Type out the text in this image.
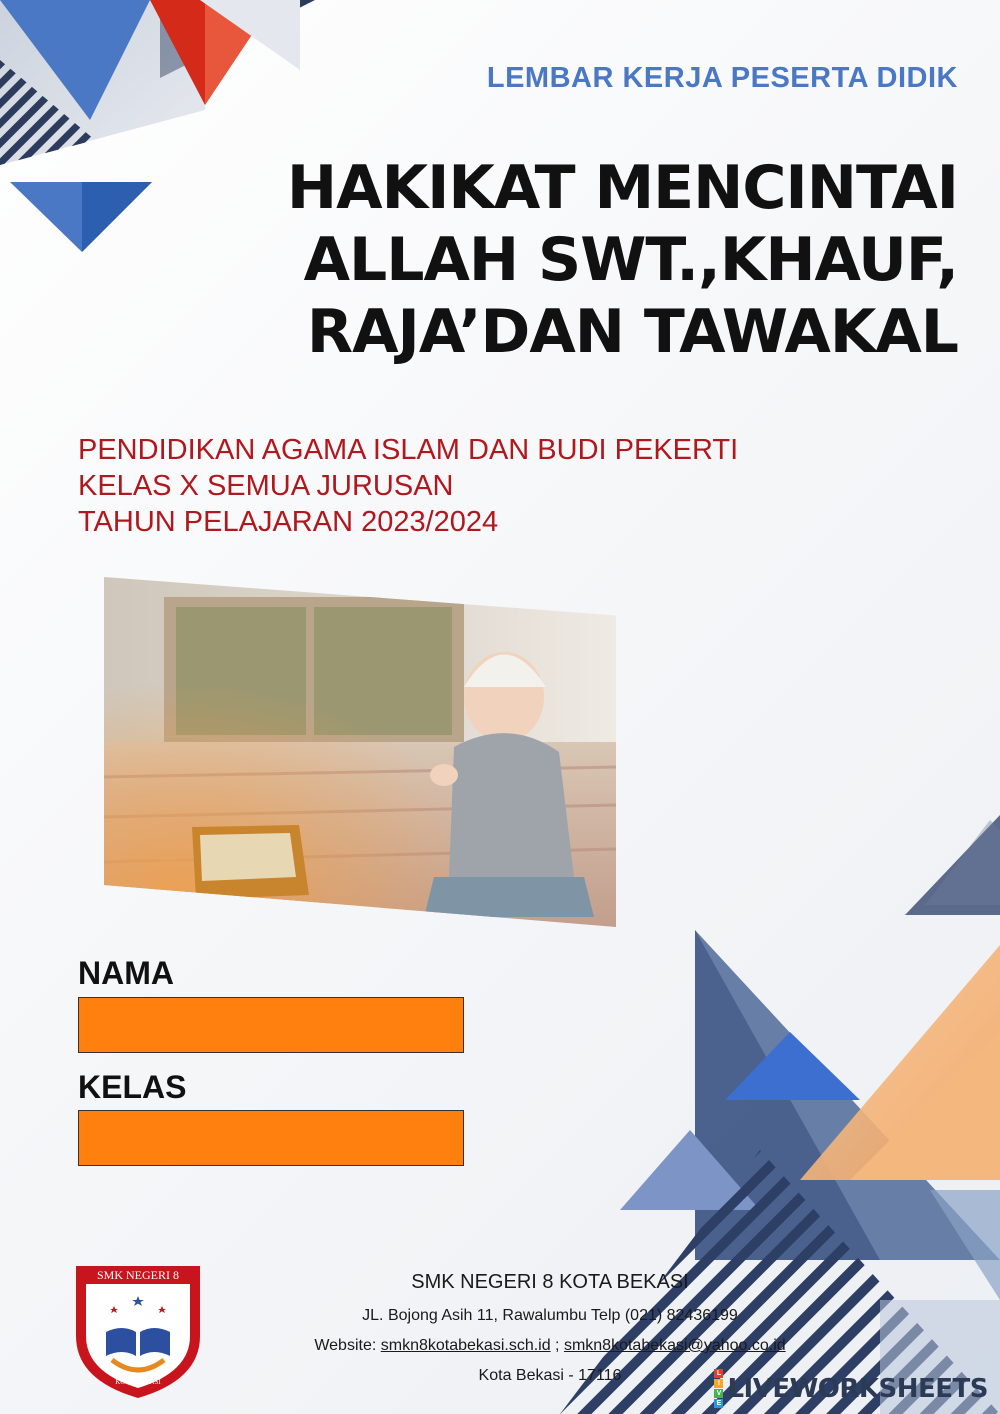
LEMBAR KERJA PESERTA DIDIK

HAKIKAT MENCINTAI
ALLAH SWT.,KHAUF,
RAJA’DAN TAWAKAL
PENDIDIKAN AGAMA ISLAM DAN BUDI PEKERTI
KELAS X SEMUA JURUSAN
TAHUN PELAJARAN 2023/2024

NAMA

KELAS

SMK NEGERI 8
KOTA BEKASI
SMK NEGERI 8 KOTA BEKASI
JL. Bojong Asih 11, Rawalumbu Telp (021) 82436199
Website: smkn8kotabekasi.sch.id ; smkn8kotabekasi@yahoo.co.id
Kota Bekasi - 17116	L
I
V
E LIVEWORKSHEETS
